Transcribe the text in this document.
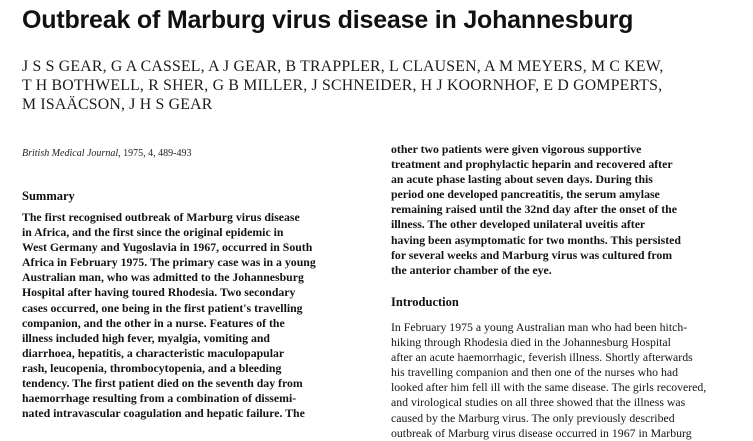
Outbreak of Marburg virus disease in Johannesburg
J S S GEAR, G A CASSEL, A J GEAR, B TRAPPLER, L CLAUSEN, A M MEYERS, M C KEW,
T H BOTHWELL, R SHER, G B MILLER, J SCHNEIDER, H J KOORNHOF, E D GOMPERTS,
M ISAÄCSON, J H S GEAR
British Medical Journal, 1975, 4, 489-493
Summary
The first recognised outbreak of Marburg virus disease
in Africa, and the first since the original epidemic in
West Germany and Yugoslavia in 1967, occurred in South
Africa in February 1975. The primary case was in a young
Australian man, who was admitted to the Johannesburg
Hospital after having toured Rhodesia. Two secondary
cases occurred, one being in the first patient's travelling
companion, and the other in a nurse. Features of the
illness included high fever, myalgia, vomiting and
diarrhoea, hepatitis, a characteristic maculopapular
rash, leucopenia, thrombocytopenia, and a bleeding
tendency. The first patient died on the seventh day from
haemorrhage resulting from a combination of dissemi-
nated intravascular coagulation and hepatic failure. The
other two patients were given vigorous supportive
treatment and prophylactic heparin and recovered after
an acute phase lasting about seven days. During this
period one developed pancreatitis, the serum amylase
remaining raised until the 32nd day after the onset of the
illness. The other developed unilateral uveitis after
having been asymptomatic for two months. This persisted
for several weeks and Marburg virus was cultured from
the anterior chamber of the eye.
Introduction
In February 1975 a young Australian man who had been hitch-
hiking through Rhodesia died in the Johannesburg Hospital
after an acute haemorrhagic, feverish illness. Shortly afterwards
his travelling companion and then one of the nurses who had
looked after him fell ill with the same disease. The girls recovered,
and virological studies on all three showed that the illness was
caused by the Marburg virus. The only previously described
outbreak of Marburg virus disease occurred in 1967 in Marburg
